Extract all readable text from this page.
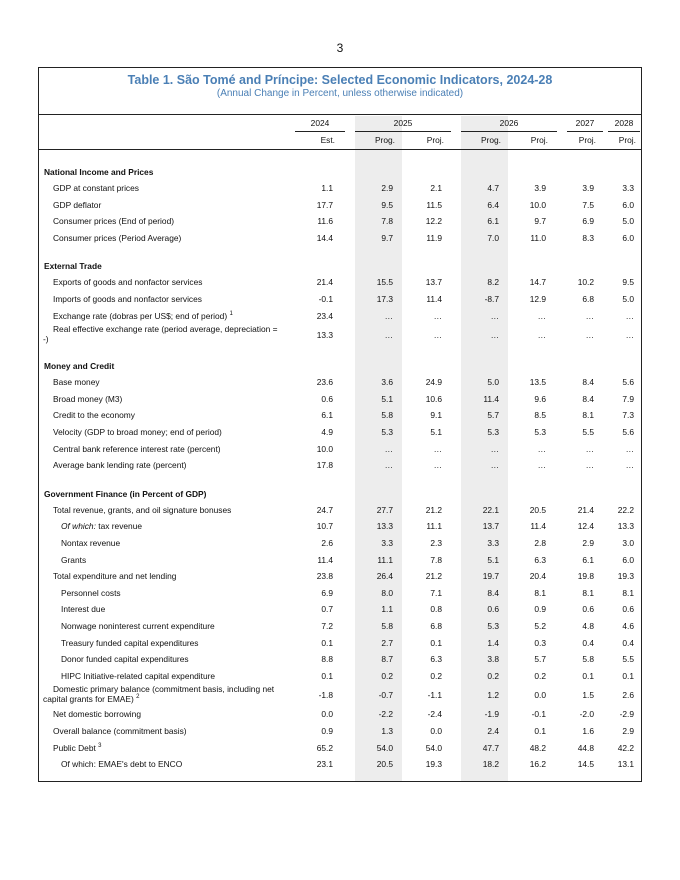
3
Table 1. São Tomé and Príncipe: Selected Economic Indicators, 2024-28
(Annual Change in Percent, unless otherwise indicated)
2024	2025	2026	2027	2028
Est.	Prog.	Proj.	Prog.	Proj.	Proj.	Proj.
National Income and Prices
GDP at constant prices	1.1	2.9	2.1	4.7	3.9	3.9	3.3
GDP deflator	17.7	9.5	11.5	6.4	10.0	7.5	6.0
Consumer prices (End of period)	11.6	7.8	12.2	6.1	9.7	6.9	5.0
Consumer prices (Period Average)	14.4	9.7	11.9	7.0	11.0	8.3	6.0
External Trade
Exports of goods and nonfactor services	21.4	15.5	13.7	8.2	14.7	10.2	9.5
Imports of goods and nonfactor services	-0.1	17.3	11.4	-8.7	12.9	6.8	5.0
Exchange rate (dobras per US$; end of period) $^1$	23.4	…	…	…	…	…	…
Real effective exchange rate (period average, depreciation = -)	13.3	…	…	…	…	…	…
Money and Credit
Base money	23.6	3.6	24.9	5.0	13.5	8.4	5.6
Broad money (M3)	0.6	5.1	10.6	11.4	9.6	8.4	7.9
Credit to the economy	6.1	5.8	9.1	5.7	8.5	8.1	7.3
Velocity (GDP to broad money; end of period)	4.9	5.3	5.1	5.3	5.3	5.5	5.6
Central bank reference interest rate (percent)	10.0	…	…	…	…	…	…
Average bank lending rate (percent)	17.8	…	…	…	…	…	…
Government Finance (in Percent of GDP)
Total revenue, grants, and oil signature bonuses	24.7	27.7	21.2	22.1	20.5	21.4	22.2
Of which: tax revenue	10.7	13.3	11.1	13.7	11.4	12.4	13.3
Nontax revenue	2.6	3.3	2.3	3.3	2.8	2.9	3.0
Grants	11.4	11.1	7.8	5.1	6.3	6.1	6.0
Total expenditure and net lending	23.8	26.4	21.2	19.7	20.4	19.8	19.3
Personnel costs	6.9	8.0	7.1	8.4	8.1	8.1	8.1
Interest due	0.7	1.1	0.8	0.6	0.9	0.6	0.6
Nonwage noninterest current expenditure	7.2	5.8	6.8	5.3	5.2	4.8	4.6
Treasury funded capital expenditures	0.1	2.7	0.1	1.4	0.3	0.4	0.4
Donor funded capital expenditures	8.8	8.7	6.3	3.8	5.7	5.8	5.5
HIPC Initiative-related capital expenditure	0.1	0.2	0.2	0.2	0.2	0.1	0.1
Domestic primary balance (commitment basis, including net capital grants for EMAE) $^2$	-1.8	-0.7	-1.1	1.2	0.0	1.5	2.6
Net domestic borrowing	0.0	-2.2	-2.4	-1.9	-0.1	-2.0	-2.9
Overall balance (commitment basis)	0.9	1.3	0.0	2.4	0.1	1.6	2.9
Public Debt $^3$	65.2	54.0	54.0	47.7	48.2	44.8	42.2
Of which: EMAE's debt to ENCO	23.1	20.5	19.3	18.2	16.2	14.5	13.1
